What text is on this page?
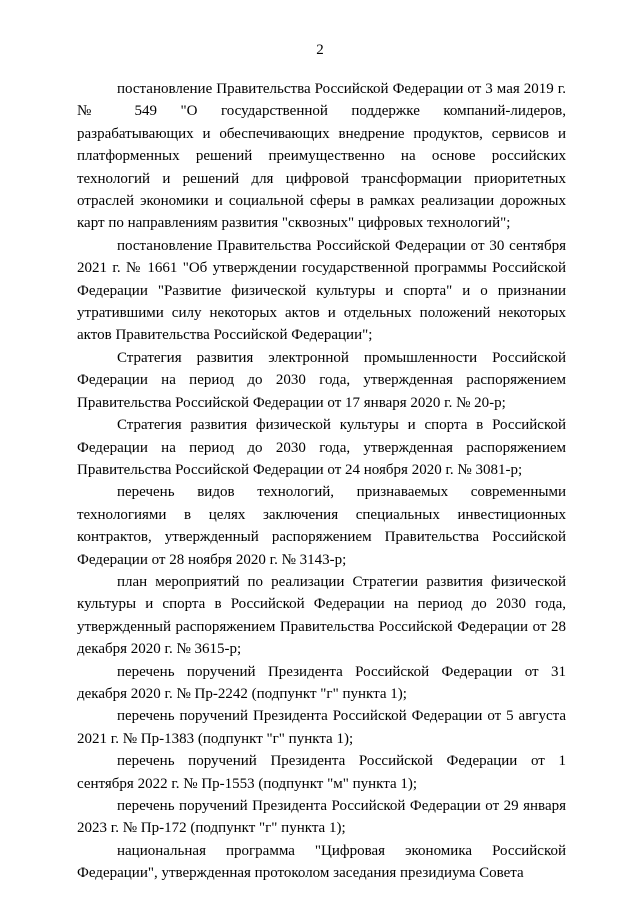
2

постановление Правительства Российской Федерации от 3 мая 2019 г. № 549 "О государственной поддержке компаний-лидеров, разрабатывающих и обеспечивающих внедрение продуктов, сервисов и платформенных решений преимущественно на основе российских технологий и решений для цифровой трансформации приоритетных отраслей экономики и социальной сферы в рамках реализации дорожных карт по направлениям развития "сквозных" цифровых технологий";

постановление Правительства Российской Федерации от 30 сентября 2021 г. № 1661 "Об утверждении государственной программы Российской Федерации "Развитие физической культуры и спорта" и о признании утратившими силу некоторых актов и отдельных положений некоторых актов Правительства Российской Федерации";

Стратегия развития электронной промышленности Российской Федерации на период до 2030 года, утвержденная распоряжением Правительства Российской Федерации от 17 января 2020 г. № 20-р;

Стратегия развития физической культуры и спорта в Российской Федерации на период до 2030 года, утвержденная распоряжением Правительства Российской Федерации от 24 ноября 2020 г. № 3081-р;

перечень видов технологий, признаваемых современными технологиями в целях заключения специальных инвестиционных контрактов, утвержденный распоряжением Правительства Российской Федерации от 28 ноября 2020 г. № 3143-р;

план мероприятий по реализации Стратегии развития физической культуры и спорта в Российской Федерации на период до 2030 года, утвержденный распоряжением Правительства Российской Федерации от 28 декабря 2020 г. № 3615-р;

перечень поручений Президента Российской Федерации от 31 декабря 2020 г. № Пр-2242 (подпункт "г" пункта 1);

перечень поручений Президента Российской Федерации от 5 августа 2021 г. № Пр-1383 (подпункт "г" пункта 1);

перечень поручений Президента Российской Федерации от 1 сентября 2022 г. № Пр-1553 (подпункт "м" пункта 1);

перечень поручений Президента Российской Федерации от 29 января 2023 г. № Пр-172 (подпункт "г" пункта 1);

национальная программа "Цифровая экономика Российской Федерации", утвержденная протоколом заседания президиума Совета
